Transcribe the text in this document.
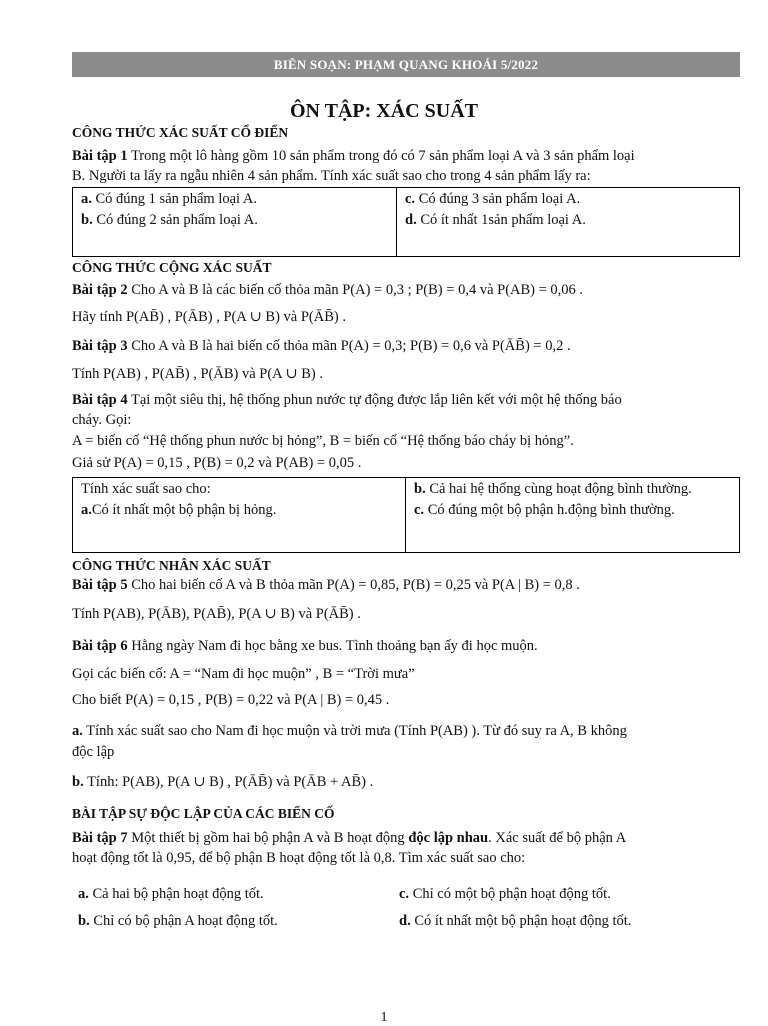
BIÊN SOẠN: PHẠM QUANG KHOÁI 5/2022
ÔN TẬP: XÁC SUẤT
CÔNG THỨC XÁC SUẤT CỔ ĐIỂN
Bài tập 1 Trong một lô hàng gồm 10 sản phẩm trong đó có 7 sản phẩm loại A và 3 sản phẩm loại
B. Người ta lấy ra ngẫu nhiên 4 sản phẩm. Tính xác suất sao cho trong 4 sản phẩm lấy ra:
a. Có đúng 1 sản phẩm loại A.
b. Có đúng 2 sản phẩm loại A.
c. Có đúng 3 sản phẩm loại A.
d. Có ít nhất 1sản phẩm loại A.
CÔNG THỨC CỘNG XÁC SUẤT
Bài tập 2 Cho A và B là các biến cố thỏa mãn P(A) = 0,3 ; P(B) = 0,4 và P(AB) = 0,06 .
Hãy tính P(AB̄) , P(ĀB) , P(A ∪ B) và P(ĀB̄) .
Bài tập 3 Cho A và B là hai biến cố thỏa mãn P(A) = 0,3; P(B) = 0,6 và P(ĀB̄) = 0,2 .
Tính P(AB) , P(AB̄) , P(ĀB) và P(A ∪ B) .
Bài tập 4 Tại một siêu thị, hệ thống phun nước tự động được lắp liên kết với một hệ thống báo
cháy. Gọi:
A = biến cố “Hệ thống phun nước bị hỏng”, B = biến cố “Hệ thống báo cháy bị hỏng”.
Giả sử P(A) = 0,15 , P(B) = 0,2 và P(AB) = 0,05 .
Tính xác suất sao cho:
a.Có ít nhất một bộ phận bị hỏng.
b. Cả hai hệ thống cùng hoạt động bình thường.
c. Có đúng một bộ phận h.động bình thường.
CÔNG THỨC NHÂN XÁC SUẤT
Bài tập 5 Cho hai biến cố A và B thỏa mãn P(A) = 0,85, P(B) = 0,25 và P(A | B) = 0,8 .
Tính P(AB), P(ĀB), P(AB̄), P(A ∪ B) và P(ĀB̄) .
Bài tập 6 Hằng ngày Nam đi học bằng xe bus. Tình thoảng bạn ấy đi học muộn.
Gọi các biến cố: A = “Nam đi học muộn” , B = “Trời mưa”
Cho biết P(A) = 0,15 , P(B) = 0,22 và P(A | B) = 0,45 .
a. Tính xác suất sao cho Nam đi học muộn và trời mưa (Tính P(AB) ). Từ đó suy ra A, B không
độc lập
b. Tính: P(AB), P(A ∪ B) , P(ĀB̄) và P(ĀB + AB̄) .
BÀI TẬP SỰ ĐỘC LẬP CỦA CÁC BIẾN CỐ
Bài tập 7 Một thiết bị gồm hai bộ phận A và B hoạt động độc lập nhau. Xác suất để bộ phận A
hoạt động tốt là 0,95, để bộ phận B hoạt động tốt là 0,8. Tìm xác suất sao cho:
a. Cả hai bộ phận hoạt động tốt.	c. Chỉ có một bộ phận hoạt động tốt.
b. Chỉ có bộ phận A hoạt động tốt.	d. Có ít nhất một bộ phận hoạt động tốt.
1
